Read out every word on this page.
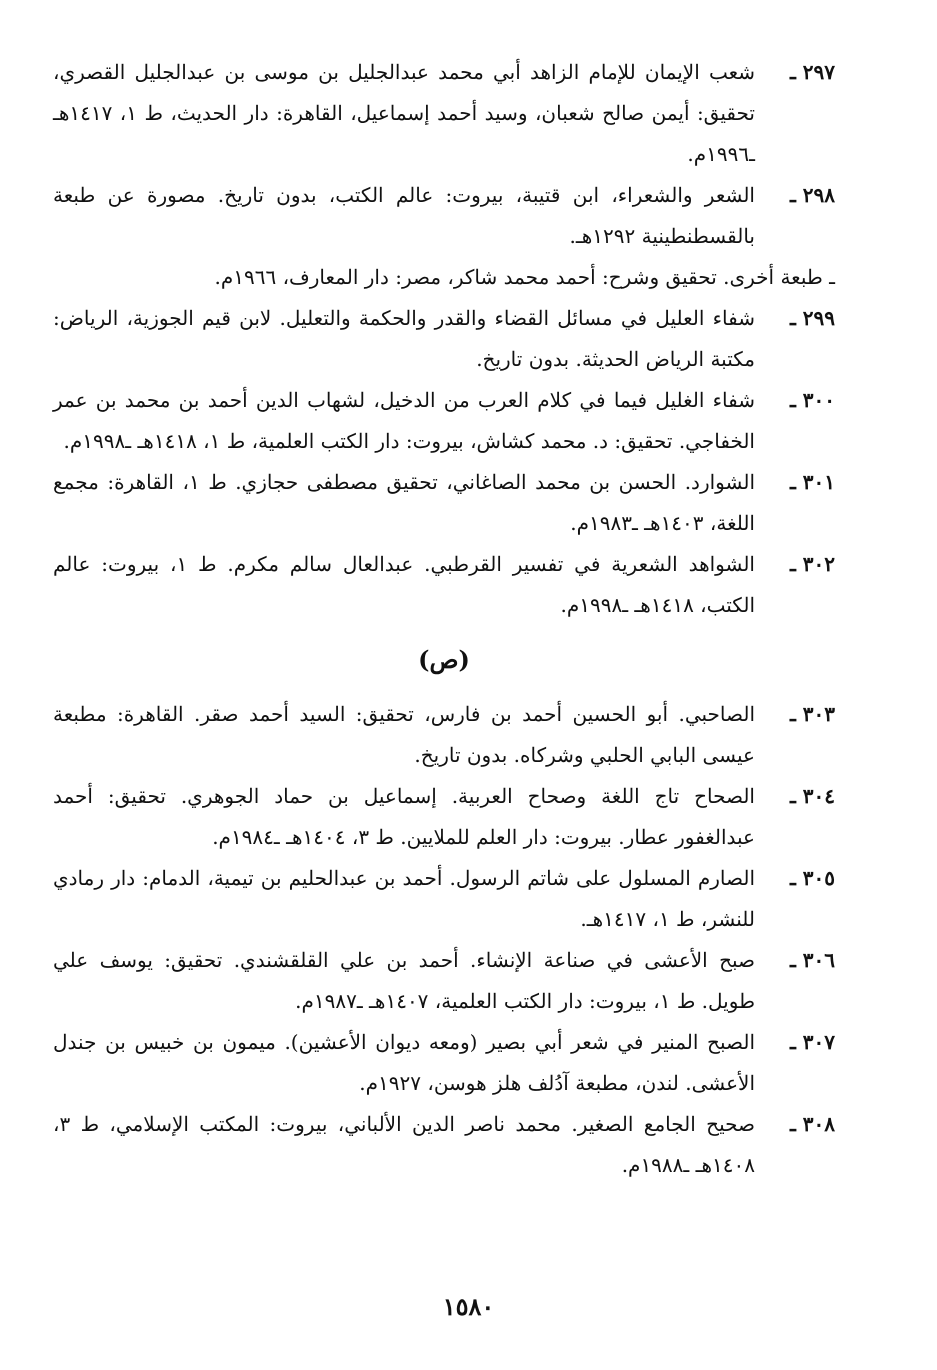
٢٩٧ ـ
شعب الإيمان للإمام الزاهد أبي محمد عبدالجليل بن موسى بن عبدالجليل القصري، تحقيق: أيمن صالح شعبان، وسيد أحمد إسماعيل، القاهرة: دار الحديث، ط ١، ١٤١٧هـ ـ١٩٩٦م.
٢٩٨ ـ
الشعر والشعراء، ابن قتيبة، بيروت: عالم الكتب، بدون تاريخ. مصورة عن طبعة بالقسطنطينية ١٢٩٢هـ.
ـ طبعة أخرى. تحقيق وشرح: أحمد محمد شاكر، مصر: دار المعارف، ١٩٦٦م.
٢٩٩ ـ
شفاء العليل في مسائل القضاء والقدر والحكمة والتعليل. لابن قيم الجوزية، الرياض: مكتبة الرياض الحديثة. بدون تاريخ.
٣٠٠ ـ
شفاء الغليل فيما في كلام العرب من الدخيل، لشهاب الدين أحمد بن محمد بن عمر الخفاجي. تحقيق: د. محمد كشاش، بيروت: دار الكتب العلمية، ط ١، ١٤١٨هـ ـ١٩٩٨م.
٣٠١ ـ
الشوارد. الحسن بن محمد الصاغاني، تحقيق مصطفى حجازي. ط ١، القاهرة: مجمع اللغة، ١٤٠٣هـ ـ١٩٨٣م.
٣٠٢ ـ
الشواهد الشعرية في تفسير القرطبي. عبدالعال سالم مكرم. ط ١، بيروت: عالم الكتب، ١٤١٨هـ ـ١٩٩٨م.
(ص)
٣٠٣ ـ
الصاحبي. أبو الحسين أحمد بن فارس، تحقيق: السيد أحمد صقر. القاهرة: مطبعة عيسى البابي الحلبي وشركاه. بدون تاريخ.
٣٠٤ ـ
الصحاح تاج اللغة وصحاح العربية. إسماعيل بن حماد الجوهري. تحقيق: أحمد عبدالغفور عطار. بيروت: دار العلم للملايين. ط ٣، ١٤٠٤هـ ـ١٩٨٤م.
٣٠٥ ـ
الصارم المسلول على شاتم الرسول. أحمد بن عبدالحليم بن تيمية، الدمام: دار رمادي للنشر، ط ١، ١٤١٧هـ.
٣٠٦ ـ
صبح الأعشى في صناعة الإنشاء. أحمد بن علي القلقشندي. تحقيق: يوسف علي طويل. ط ١، بيروت: دار الكتب العلمية، ١٤٠٧هـ ـ١٩٨٧م.
٣٠٧ ـ
الصبح المنير في شعر أبي بصير (ومعه ديوان الأعشين). ميمون بن خبيس بن جندل الأعشى. لندن، مطبعة آدُلف هلز هوسن، ١٩٢٧م.
٣٠٨ ـ
صحيح الجامع الصغير. محمد ناصر الدين الألباني، بيروت: المكتب الإسلامي، ط ٣، ١٤٠٨هـ ـ١٩٨٨م.
١٥٨٠
